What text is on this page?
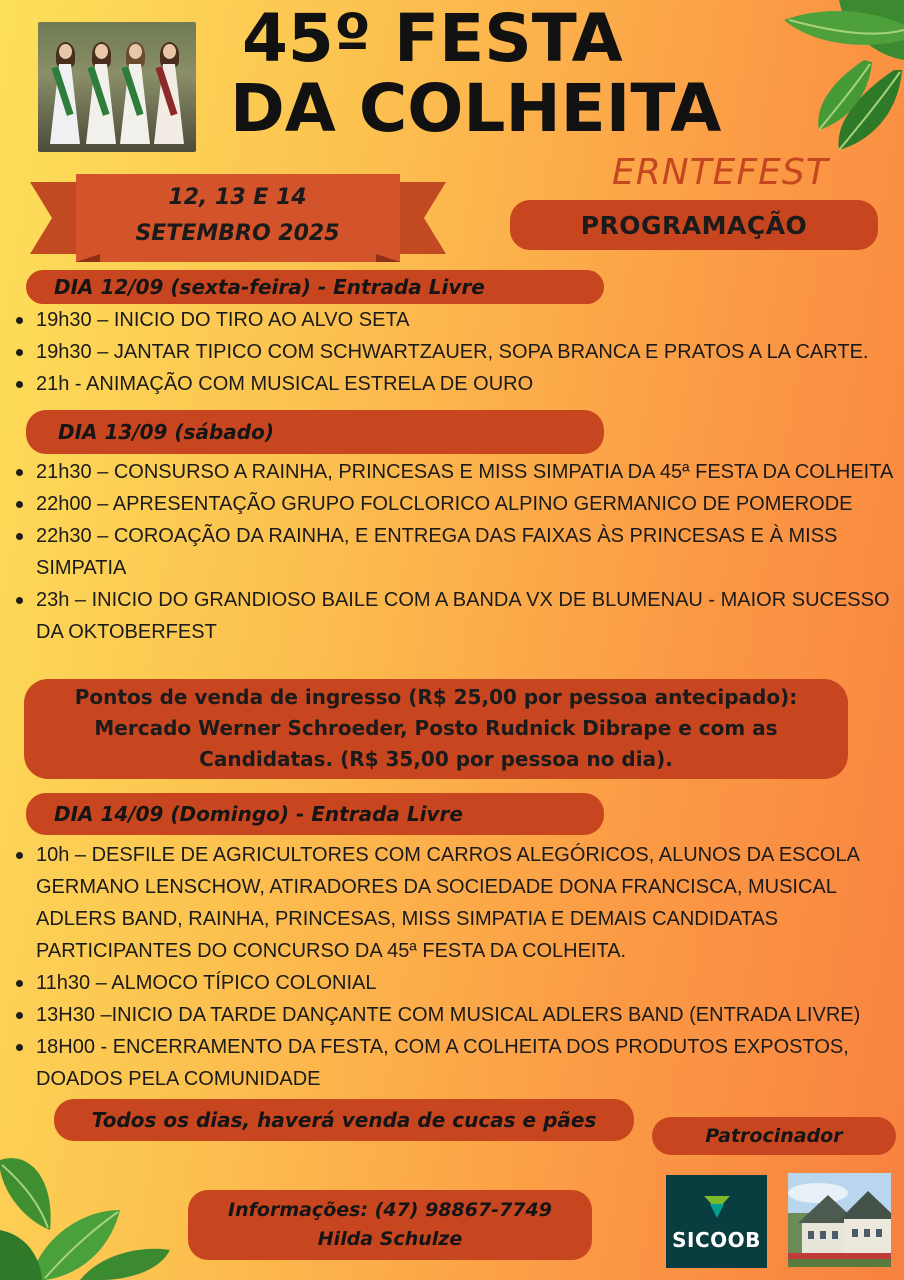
45º FESTA
DA COLHEITA
ERNTEFEST
12, 13 E 14
SETEMBRO 2025	PROGRAMAÇÃO
DIA 12/09 (sexta-feira) - Entrada Livre
19h30 – INICIO DO TIRO AO ALVO SETA
19h30 – JANTAR TIPICO COM SCHWARTZAUER, SOPA BRANCA E PRATOS A LA CARTE.
21h - ANIMAÇÃO COM MUSICAL ESTRELA DE OURO
DIA 13/09 (sábado)
21h30 – CONSURSO A RAINHA, PRINCESAS E MISS SIMPATIA DA 45ª FESTA DA COLHEITA
22h00 – APRESENTAÇÃO GRUPO FOLCLORICO ALPINO GERMANICO DE POMERODE
22h30 – COROAÇÃO DA RAINHA, E ENTREGA DAS FAIXAS ÀS PRINCESAS E À MISS SIMPATIA
23h – INICIO DO GRANDIOSO BAILE COM A BANDA VX DE BLUMENAU - MAIOR SUCESSO DA OKTOBERFEST
Pontos de venda de ingresso (R$ 25,00 por pessoa antecipado):
Mercado Werner Schroeder, Posto Rudnick Dibrape e com as
Candidatas. (R$ 35,00 por pessoa no dia).
DIA 14/09 (Domingo) - Entrada Livre
10h – DESFILE DE AGRICULTORES COM CARROS ALEGÓRICOS, ALUNOS DA ESCOLA GERMANO LENSCHOW, ATIRADORES DA SOCIEDADE DONA FRANCISCA, MUSICAL ADLERS BAND, RAINHA, PRINCESAS, MISS SIMPATIA E DEMAIS CANDIDATAS PARTICIPANTES DO CONCURSO DA 45ª FESTA DA COLHEITA.
11h30 – ALMOCO TÍPICO COLONIAL
13H30 –INICIO DA TARDE DANÇANTE COM MUSICAL ADLERS BAND (ENTRADA LIVRE)
18H00 - ENCERRAMENTO DA FESTA, COM A COLHEITA DOS PRODUTOS EXPOSTOS, DOADOS PELA COMUNIDADE
Todos os dias, haverá venda de cucas e pães
Patrocinador
Informações: (47) 98867-7749
Hilda Schulze	SICOOB
